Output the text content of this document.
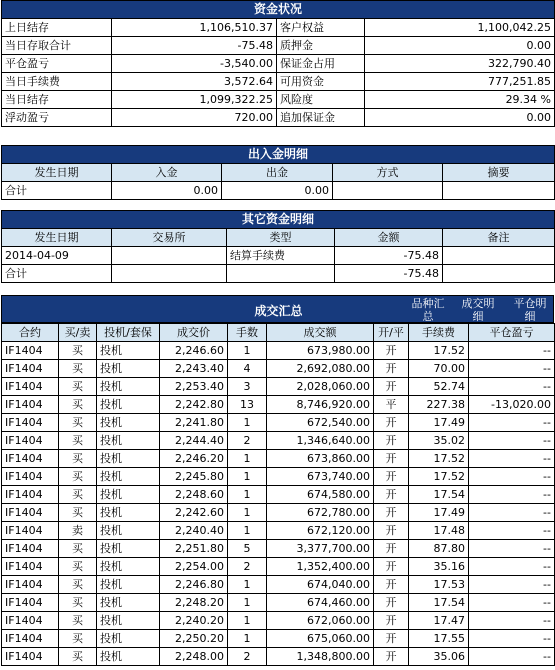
资金状况			
上日结存	1,106,510.37	客户权益	1,100,042.25
当日存取合计	-75.48	质押金	0.00
平仓盈亏	-3,540.00	保证金占用	322,790.40
当日手续费	3,572.64	可用资金	777,251.85
当日结存	1,099,322.25	风险度	29.34 %
浮动盈亏	720.00	追加保证金	0.00
出入金明细				
发生日期	入金	出金	方式	摘要
合计	0.00	0.00		
其它资金明细				
发生日期	交易所	类型	金额	备注
2014-04-09		结算手续费	-75.48	
合计			-75.48	
成交汇总
品种汇总
成交明细
平仓明细
合约	买/卖	投机/套保	成交价	手数	成交额	开/平	手续费	平仓盈亏
IF1404	买	投机	2,246.60	1	673,980.00	开	17.52	--
IF1404	买	投机	2,243.40	4	2,692,080.00	开	70.00	--
IF1404	买	投机	2,253.40	3	2,028,060.00	开	52.74	--
IF1404	买	投机	2,242.80	13	8,746,920.00	平	227.38	-13,020.00
IF1404	买	投机	2,241.80	1	672,540.00	开	17.49	--
IF1404	买	投机	2,244.40	2	1,346,640.00	开	35.02	--
IF1404	买	投机	2,246.20	1	673,860.00	开	17.52	--
IF1404	买	投机	2,245.80	1	673,740.00	开	17.52	--
IF1404	买	投机	2,248.60	1	674,580.00	开	17.54	--
IF1404	买	投机	2,242.60	1	672,780.00	开	17.49	--
IF1404	卖	投机	2,240.40	1	672,120.00	开	17.48	--
IF1404	买	投机	2,251.80	5	3,377,700.00	开	87.80	--
IF1404	买	投机	2,254.00	2	1,352,400.00	开	35.16	--
IF1404	买	投机	2,246.80	1	674,040.00	开	17.53	--
IF1404	买	投机	2,248.20	1	674,460.00	开	17.54	--
IF1404	买	投机	2,240.20	1	672,060.00	开	17.47	--
IF1404	买	投机	2,250.20	1	675,060.00	开	17.55	--
IF1404	买	投机	2,248.00	2	1,348,800.00	开	35.06	--
